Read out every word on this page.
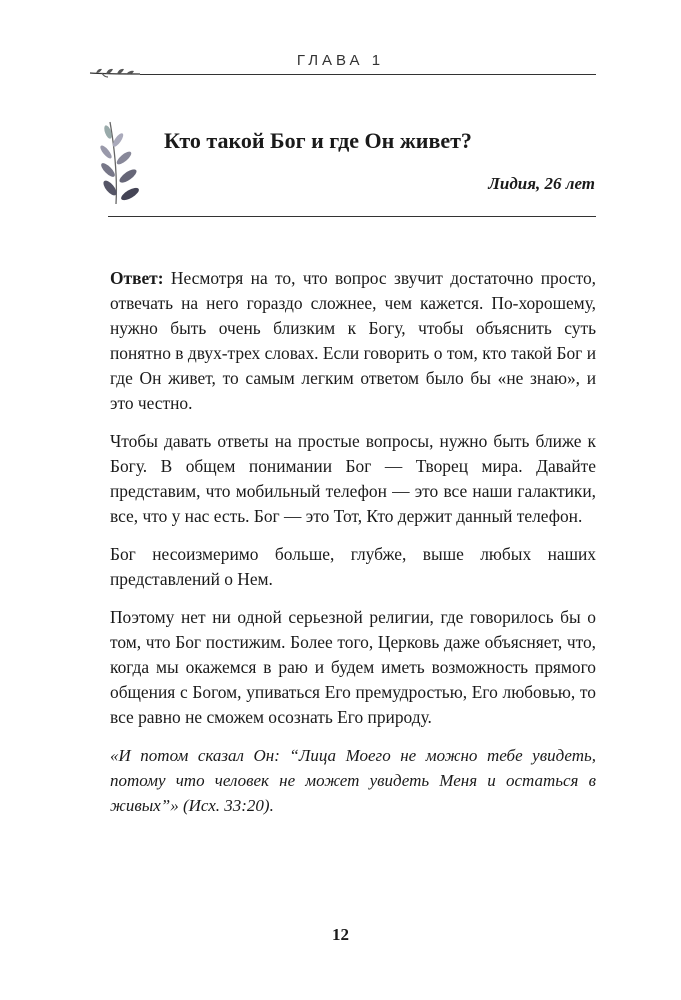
ГЛАВА 1
Кто такой Бог и где Он живет?
Лидия, 26 лет

Ответ: Несмотря на то, что вопрос звучит достаточно просто, отвечать на него гораздо сложнее, чем кажется. По-хорошему, нужно быть очень близким к Богу, чтобы объяснить суть понятно в двух-трех словах. Если говорить о том, кто такой Бог и где Он живет, то самым легким ответом было бы «не знаю», и это честно.

Чтобы давать ответы на простые вопросы, нужно быть ближе к Богу. В общем понимании Бог — Творец мира. Давайте представим, что мобильный телефон — это все наши галактики, все, что у нас есть. Бог — это Тот, Кто держит данный телефон.

Бог несоизмеримо больше, глубже, выше любых наших представлений о Нем.

Поэтому нет ни одной серьезной религии, где говорилось бы о том, что Бог постижим. Более того, Церковь даже объясняет, что, когда мы окажемся в раю и будем иметь возможность прямого общения с Богом, упиваться Его премудростью, Его любовью, то все равно не сможем осознать Его природу.

«И потом сказал Он: “Лица Моего не можно тебе увидеть, потому что человек не может увидеть Меня и остаться в живых”» (Исх. 33:20).

12
